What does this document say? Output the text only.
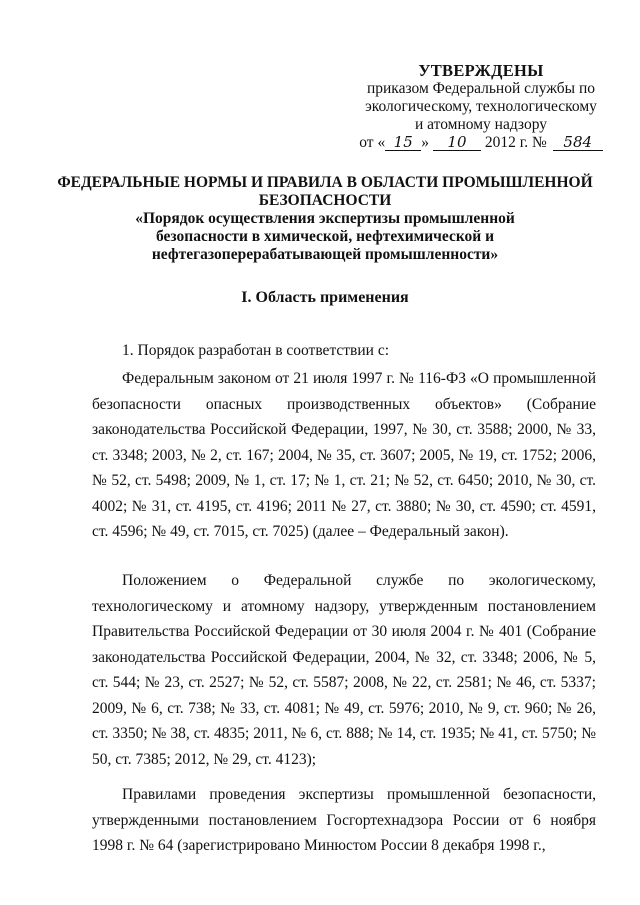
УТВЕРЖДЕНЫ
приказом Федеральной службы по
экологическому, технологическому
и атомному надзору
от « 15 » 10 2012 г. № 584
ФЕДЕРАЛЬНЫЕ НОРМЫ И ПРАВИЛА В ОБЛАСТИ ПРОМЫШЛЕННОЙ
БЕЗОПАСНОСТИ
«Порядок осуществления экспертизы промышленной
безопасности в химической, нефтехимической и
нефтегазоперерабатывающей промышленности»
I. Область применения

1. Порядок разработан в соответствии с:

Федеральным законом от 21 июля 1997 г. № 116-ФЗ «О промышленной безопасности опасных производственных объектов» (Собрание законодательства Российской Федерации, 1997, № 30, ст. 3588; 2000, № 33, ст. 3348; 2003, № 2, ст. 167; 2004, № 35, ст. 3607; 2005, № 19, ст. 1752; 2006, № 52, ст. 5498; 2009, № 1, ст. 17; № 1, ст. 21; № 52, ст. 6450; 2010, № 30, ст. 4002; № 31, ст. 4195, ст. 4196; 2011 № 27, ст. 3880; № 30, ст. 4590; ст. 4591, ст. 4596; № 49, ст. 7015, ст. 7025) (далее – Федеральный закон).

Положением о Федеральной службе по экологическому, технологическому и атомному надзору, утвержденным постановлением Правительства Российской Федерации от 30 июля 2004 г. № 401 (Собрание законодательства Российской Федерации, 2004, № 32, ст. 3348; 2006, № 5, ст. 544; № 23, ст. 2527; № 52, ст. 5587; 2008, № 22, ст. 2581; № 46, ст. 5337; 2009, № 6, ст. 738; № 33, ст. 4081; № 49, ст. 5976; 2010, № 9, ст. 960; № 26, ст. 3350; № 38, ст. 4835; 2011, № 6, ст. 888; № 14, ст. 1935; № 41, ст. 5750; № 50, ст. 7385; 2012, № 29, ст. 4123);

Правилами проведения экспертизы промышленной безопасности, утвержденными постановлением Госгортехнадзора России от 6 ноября 1998 г. № 64 (зарегистрировано Минюстом России 8 декабря 1998 г.,
